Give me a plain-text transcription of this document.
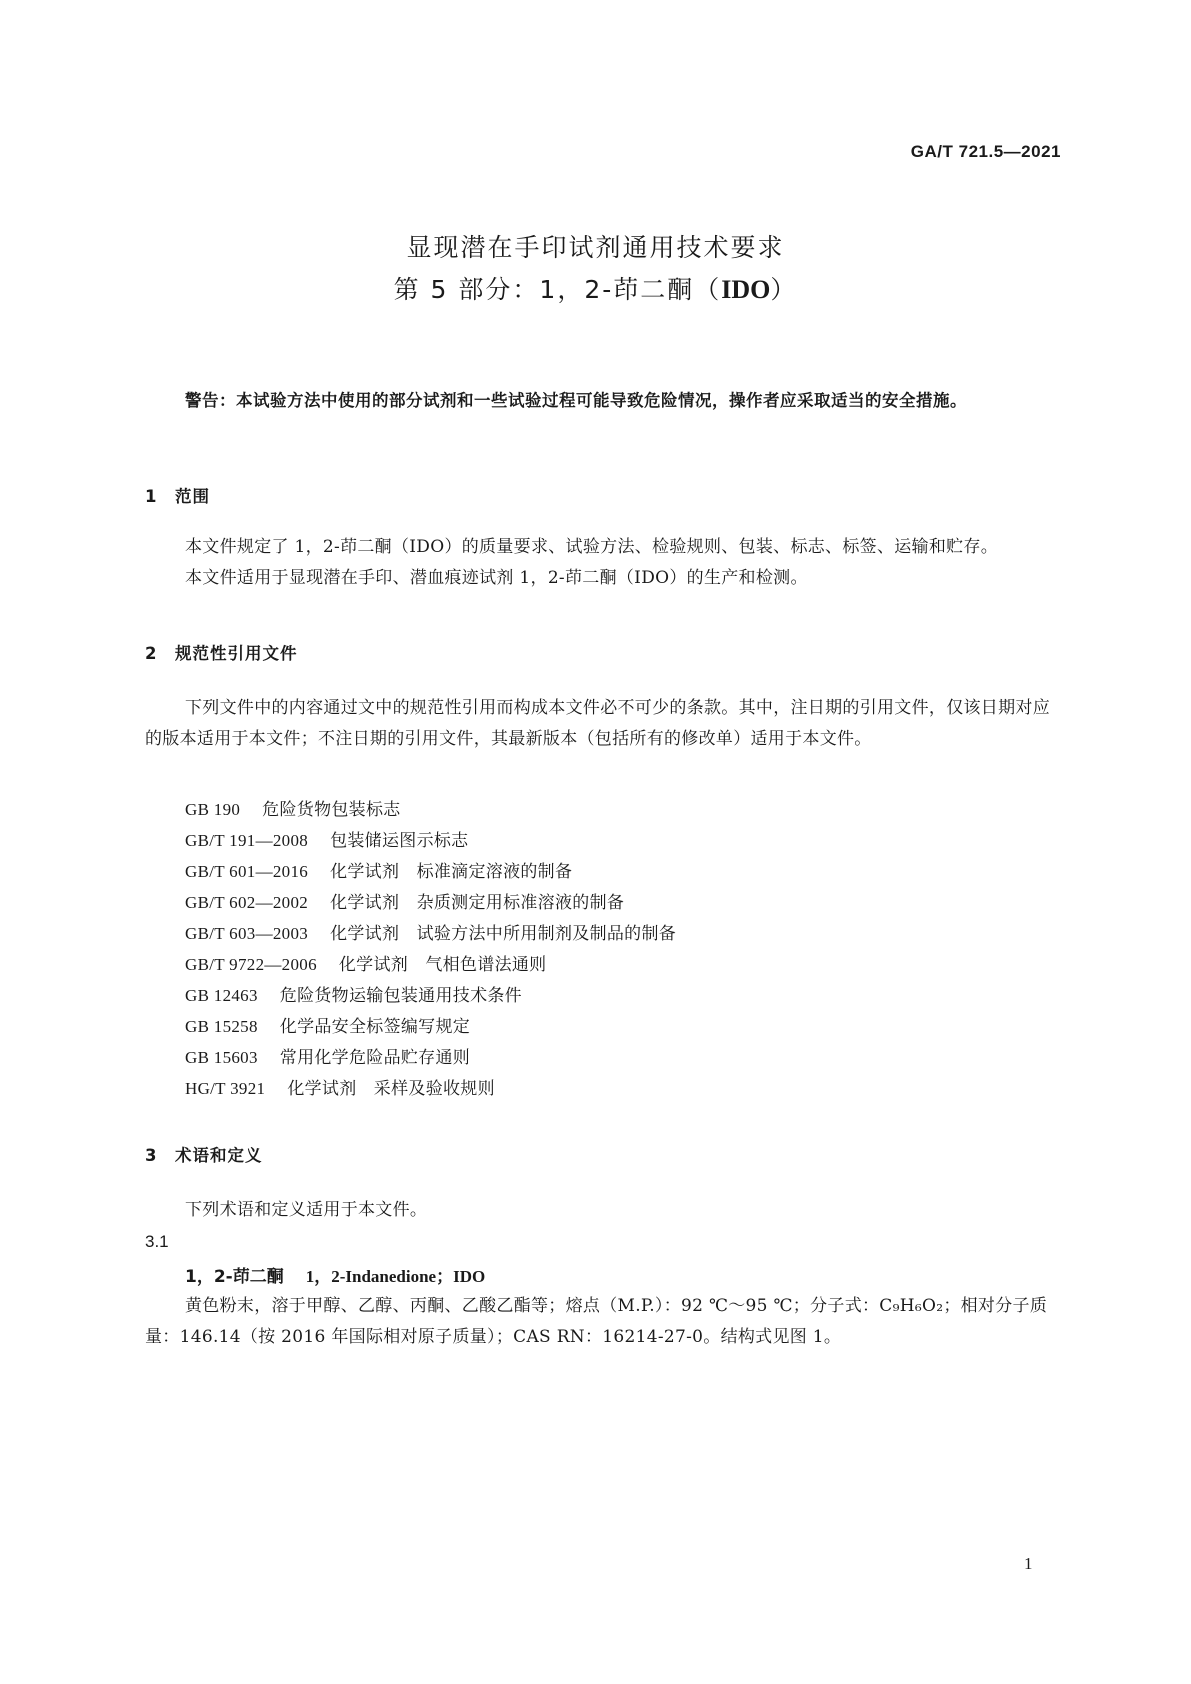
GA/T 721.5—2021
显现潜在手印试剂通用技术要求
第 5 部分：1，2-茚二酮（IDO）
警告：本试验方法中使用的部分试剂和一些试验过程可能导致危险情况，操作者应采取适当的安全措施。
1 范围
本文件规定了 1，2-茚二酮（IDO）的质量要求、试验方法、检验规则、包装、标志、标签、运输和贮存。
本文件适用于显现潜在手印、潜血痕迹试剂 1，2-茚二酮（IDO）的生产和检测。
2 规范性引用文件
下列文件中的内容通过文中的规范性引用而构成本文件必不可少的条款。其中，注日期的引用文件，仅该日期对应的版本适用于本文件；不注日期的引用文件，其最新版本（包括所有的修改单）适用于本文件。
GB 190 危险货物包装标志
GB/T 191—2008 包装储运图示标志
GB/T 601—2016 化学试剂　标准滴定溶液的制备
GB/T 602—2002 化学试剂　杂质测定用标准溶液的制备
GB/T 603—2003 化学试剂　试验方法中所用制剂及制品的制备
GB/T 9722—2006 化学试剂　气相色谱法通则
GB 12463 危险货物运输包装通用技术条件
GB 15258 化学品安全标签编写规定
GB 15603 常用化学危险品贮存通则
HG/T 3921 化学试剂　采样及验收规则
3 术语和定义
下列术语和定义适用于本文件。
3.1
1，2-茚二酮 1，2-Indanedione；IDO
黄色粉末，溶于甲醇、乙醇、丙酮、乙酸乙酯等；熔点（M.P.）：92 ℃～95 ℃；分子式：C₉H₆O₂；相对分子质量：146.14（按 2016 年国际相对原子质量）；CAS RN：16214-27-0。结构式见图 1。
1
